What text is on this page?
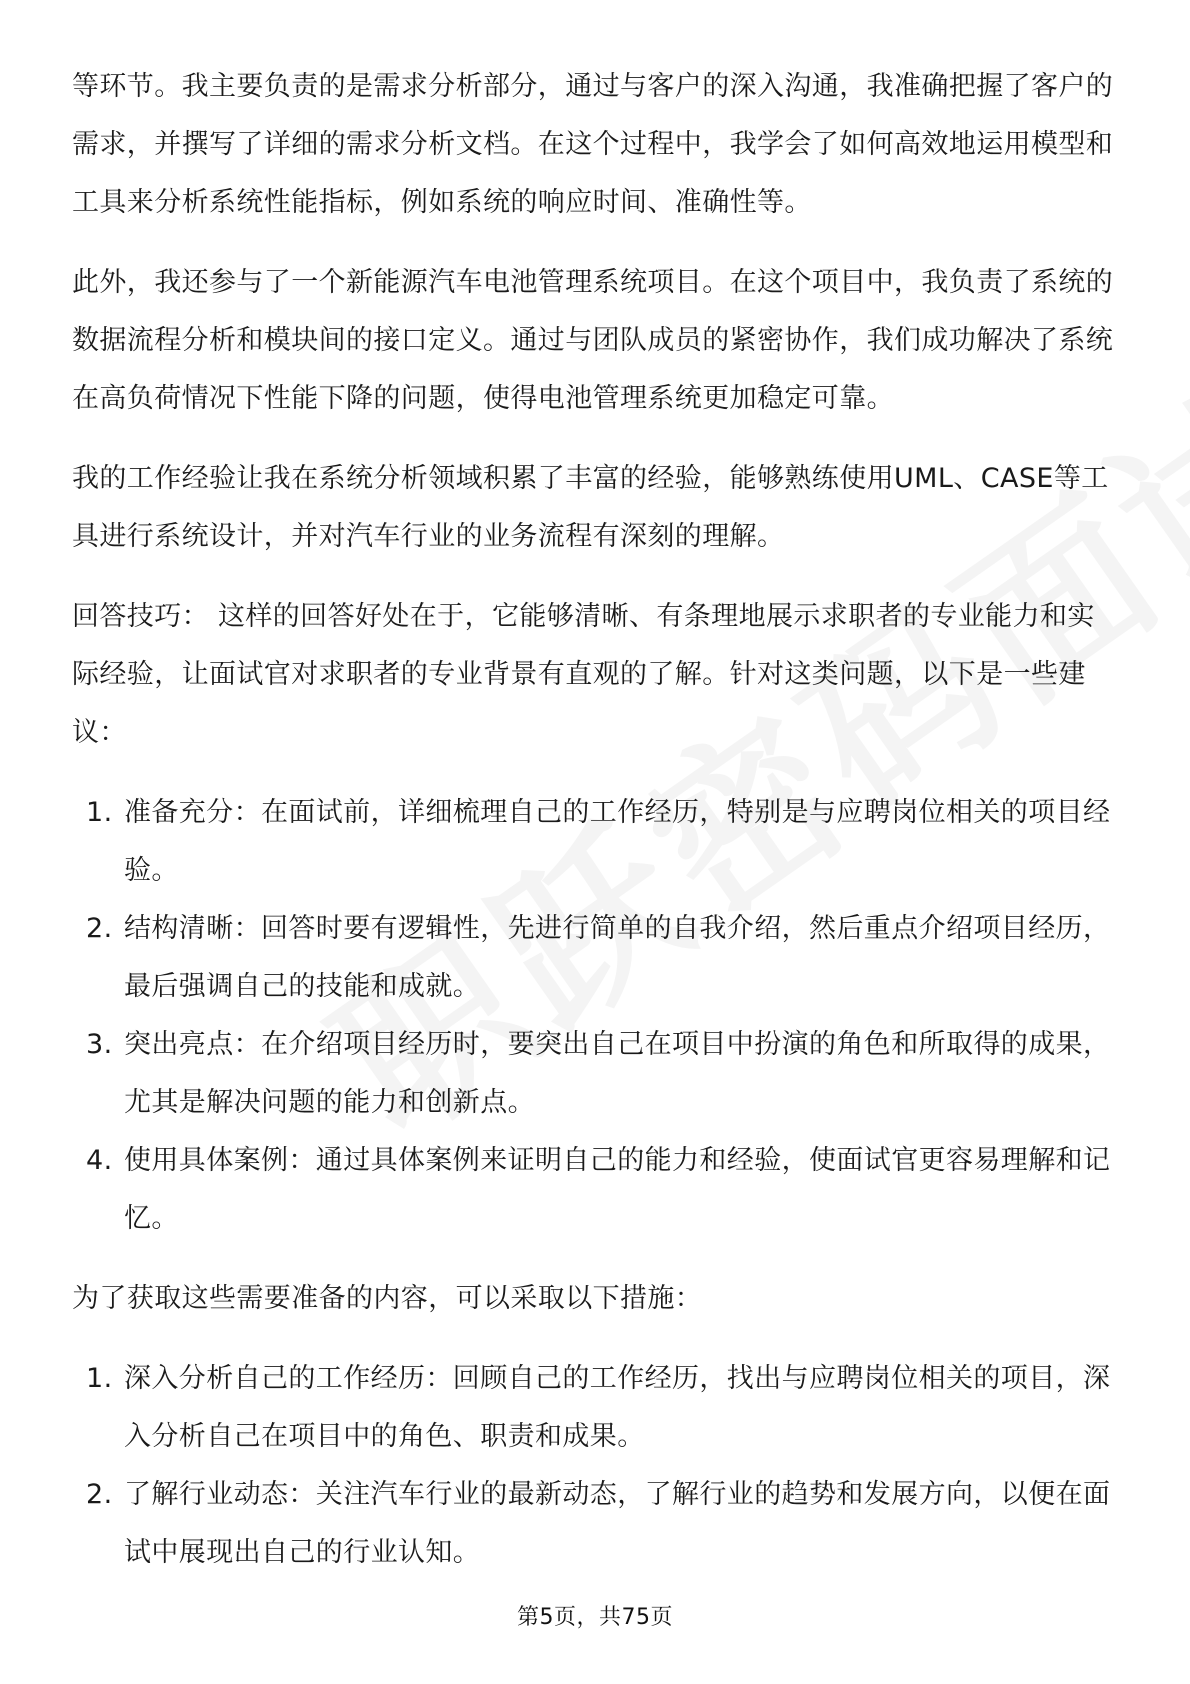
等环节。我主要负责的是需求分析部分，通过与客户的深入沟通，我准确把握了客户的需求，并撰写了详细的需求分析文档。在这个过程中，我学会了如何高效地运用模型和工具来分析系统性能指标，例如系统的响应时间、准确性等。

此外，我还参与了一个新能源汽车电池管理系统项目。在这个项目中，我负责了系统的数据流程分析和模块间的接口定义。通过与团队成员的紧密协作，我们成功解决了系统在高负荷情况下性能下降的问题，使得电池管理系统更加稳定可靠。

我的工作经验让我在系统分析领域积累了丰富的经验，能够熟练使用UML、CASE等工具进行系统设计，并对汽车行业的业务流程有深刻的理解。

回答技巧： 这样的回答好处在于，它能够清晰、有条理地展示求职者的专业能力和实际经验，让面试官对求职者的专业背景有直观的了解。针对这类问题，以下是一些建议：

1. 准备充分：在面试前，详细梳理自己的工作经历，特别是与应聘岗位相关的项目经验。
2. 结构清晰：回答时要有逻辑性，先进行简单的自我介绍，然后重点介绍项目经历，最后强调自己的技能和成就。
3. 突出亮点：在介绍项目经历时，要突出自己在项目中扮演的角色和所取得的成果，尤其是解决问题的能力和创新点。
4. 使用具体案例：通过具体案例来证明自己的能力和经验，使面试官更容易理解和记忆。

为了获取这些需要准备的内容，可以采取以下措施：

1. 深入分析自己的工作经历：回顾自己的工作经历，找出与应聘岗位相关的项目，深入分析自己在项目中的角色、职责和成果。
2. 了解行业动态：关注汽车行业的最新动态，了解行业的趋势和发展方向，以便在面试中展现出自己的行业认知。
第5页，共75页
